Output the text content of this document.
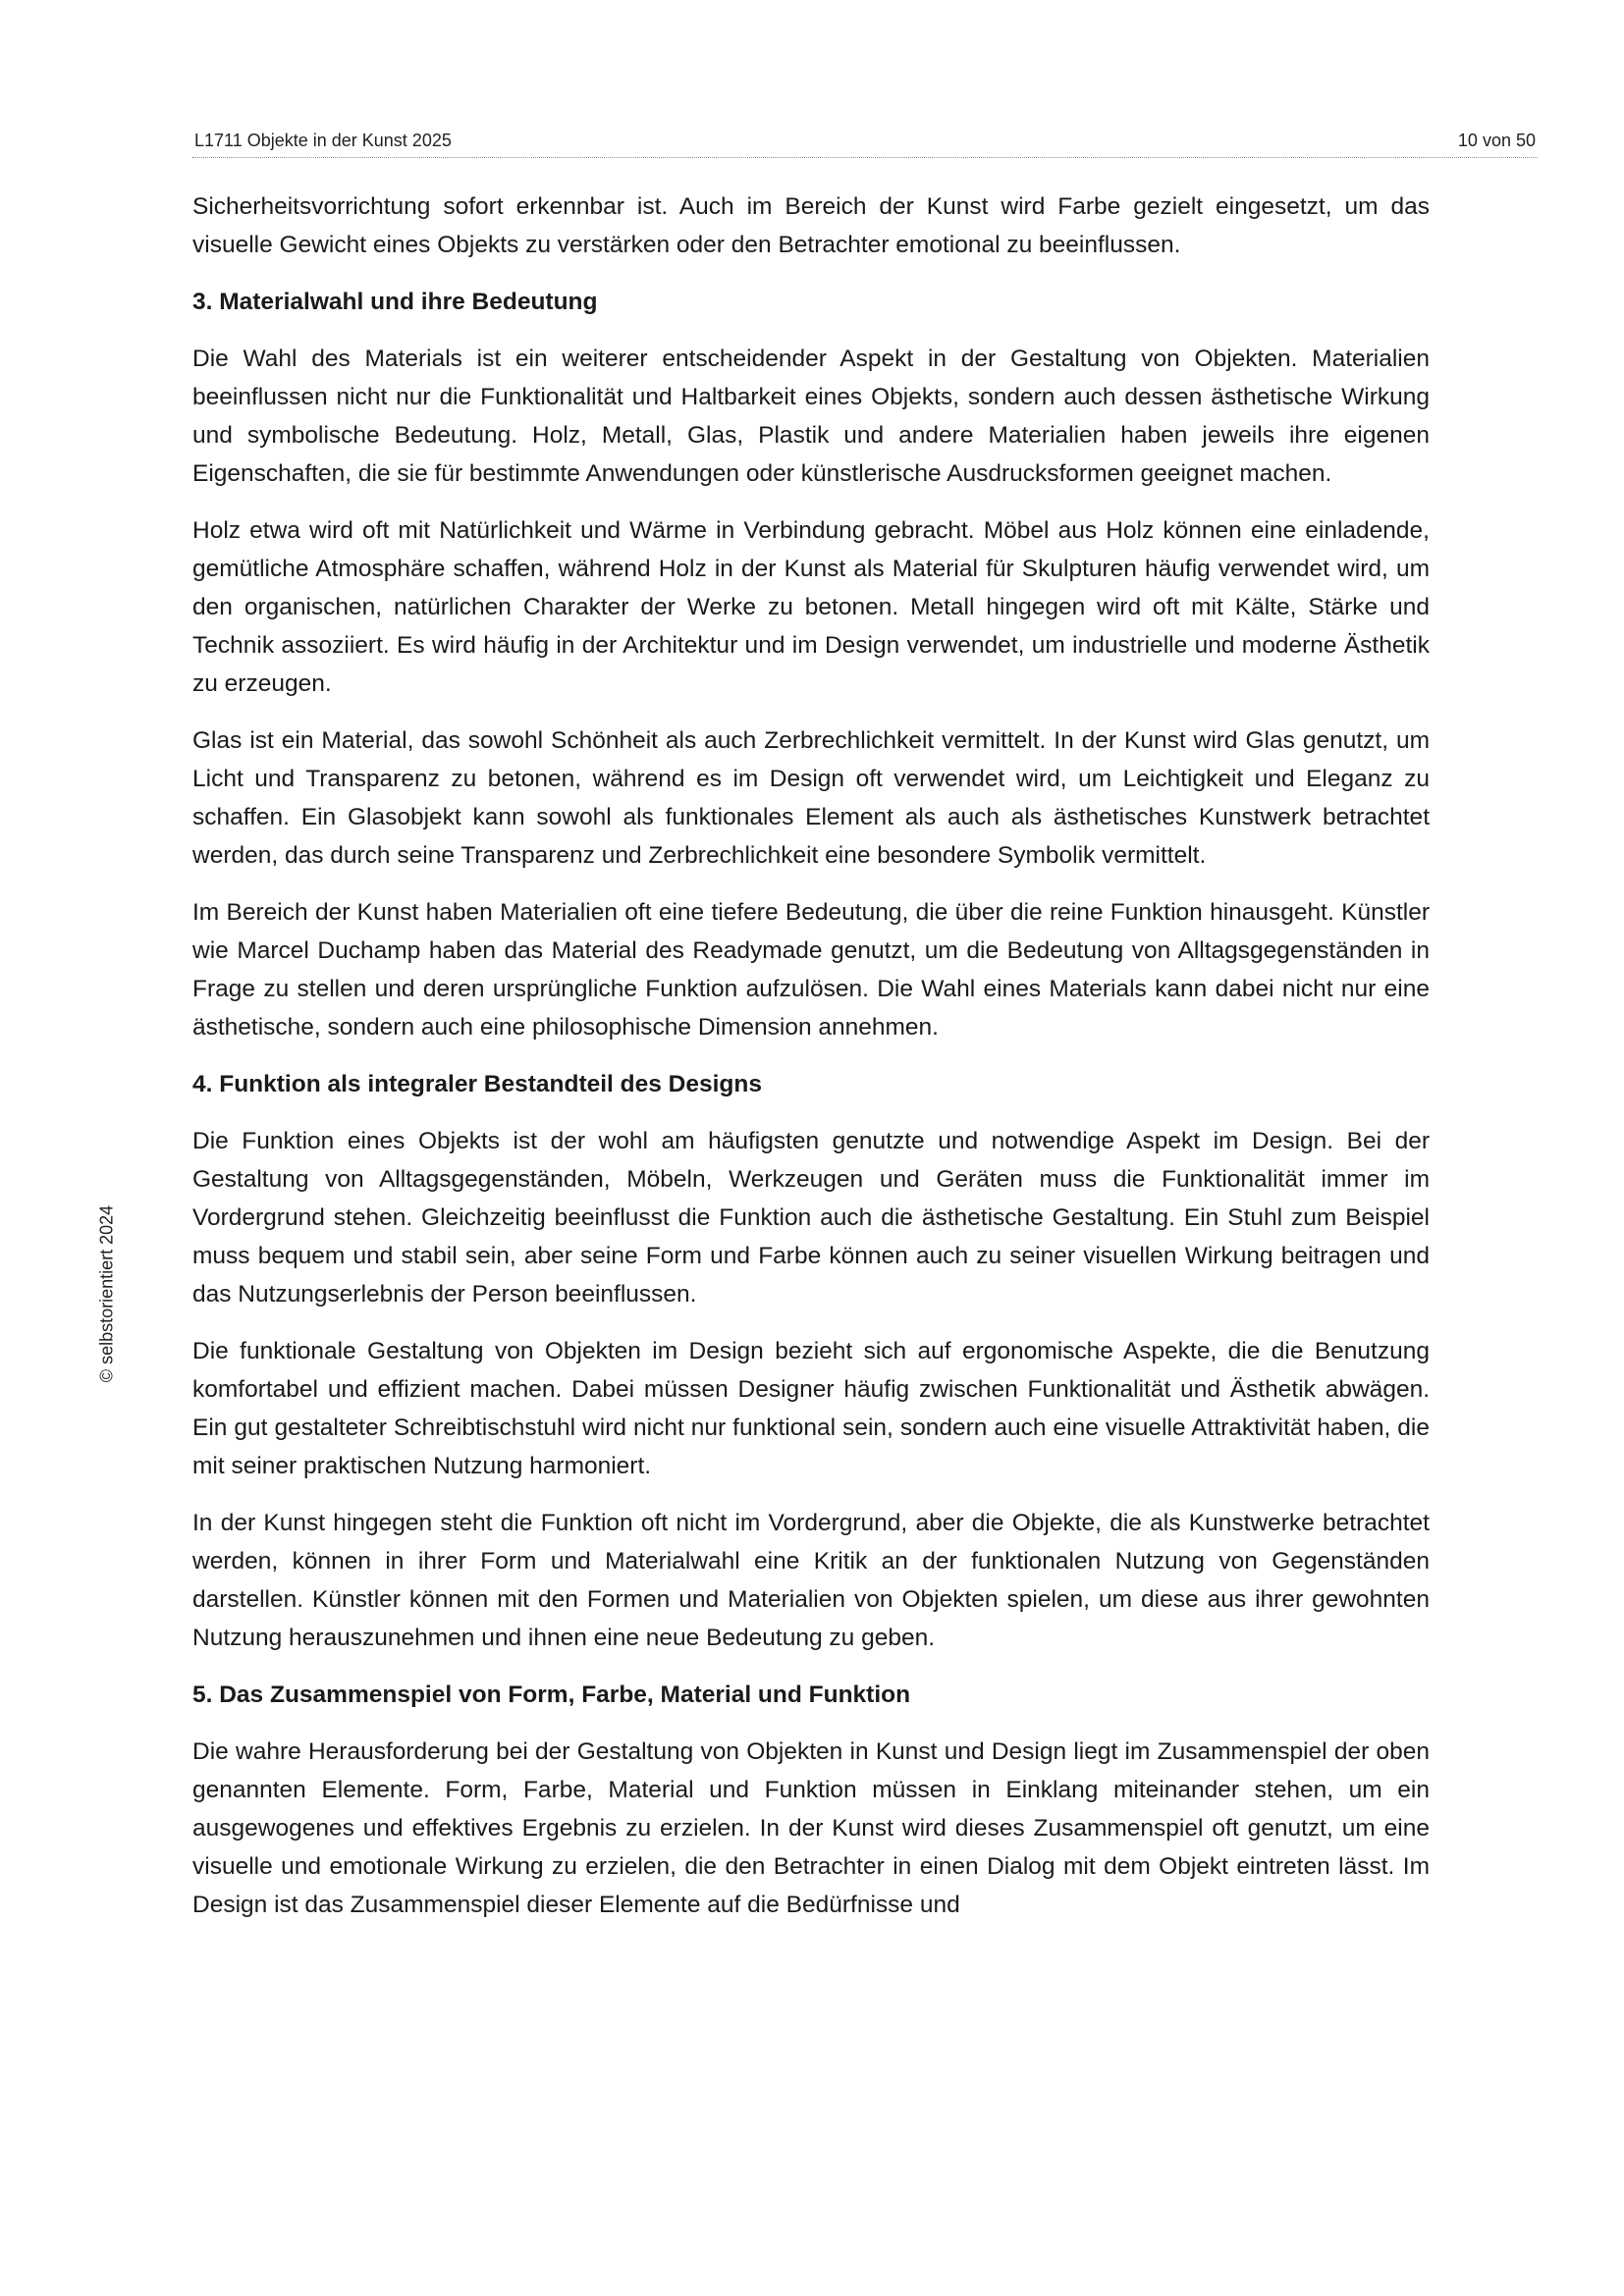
L1711 Objekte in der Kunst 2025	10 von 50
© selbstorientiert 2024

Sicherheitsvorrichtung sofort erkennbar ist. Auch im Bereich der Kunst wird Farbe gezielt eingesetzt, um das visuelle Gewicht eines Objekts zu verstärken oder den Betrachter emotional zu beeinflussen.

3. Materialwahl und ihre Bedeutung

Die Wahl des Materials ist ein weiterer entscheidender Aspekt in der Gestaltung von Objekten. Materialien beeinflussen nicht nur die Funktionalität und Haltbarkeit eines Objekts, sondern auch dessen ästhetische Wirkung und symbolische Bedeutung. Holz, Metall, Glas, Plastik und andere Materialien haben jeweils ihre eigenen Eigenschaften, die sie für bestimmte Anwendungen oder künstlerische Ausdrucksformen geeignet machen.

Holz etwa wird oft mit Natürlichkeit und Wärme in Verbindung gebracht. Möbel aus Holz können eine einladende, gemütliche Atmosphäre schaffen, während Holz in der Kunst als Material für Skulpturen häufig verwendet wird, um den organischen, natürlichen Charakter der Werke zu betonen. Metall hingegen wird oft mit Kälte, Stärke und Technik assoziiert. Es wird häufig in der Architektur und im Design verwendet, um industrielle und moderne Ästhetik zu erzeugen.

Glas ist ein Material, das sowohl Schönheit als auch Zerbrechlichkeit vermittelt. In der Kunst wird Glas genutzt, um Licht und Transparenz zu betonen, während es im Design oft verwendet wird, um Leichtigkeit und Eleganz zu schaffen. Ein Glasobjekt kann sowohl als funktionales Element als auch als ästhetisches Kunstwerk betrachtet werden, das durch seine Transparenz und Zerbrechlichkeit eine besondere Symbolik vermittelt.

Im Bereich der Kunst haben Materialien oft eine tiefere Bedeutung, die über die reine Funktion hinausgeht. Künstler wie Marcel Duchamp haben das Material des Readymade genutzt, um die Bedeutung von Alltagsgegenständen in Frage zu stellen und deren ursprüngliche Funktion aufzulösen. Die Wahl eines Materials kann dabei nicht nur eine ästhetische, sondern auch eine philosophische Dimension annehmen.

4. Funktion als integraler Bestandteil des Designs

Die Funktion eines Objekts ist der wohl am häufigsten genutzte und notwendige Aspekt im Design. Bei der Gestaltung von Alltagsgegenständen, Möbeln, Werkzeugen und Geräten muss die Funktionalität immer im Vordergrund stehen. Gleichzeitig beeinflusst die Funktion auch die ästhetische Gestaltung. Ein Stuhl zum Beispiel muss bequem und stabil sein, aber seine Form und Farbe können auch zu seiner visuellen Wirkung beitragen und das Nutzungserlebnis der Person beeinflussen.

Die funktionale Gestaltung von Objekten im Design bezieht sich auf ergonomische Aspekte, die die Benutzung komfortabel und effizient machen. Dabei müssen Designer häufig zwischen Funktionalität und Ästhetik abwägen. Ein gut gestalteter Schreibtischstuhl wird nicht nur funktional sein, sondern auch eine visuelle Attraktivität haben, die mit seiner praktischen Nutzung harmoniert.

In der Kunst hingegen steht die Funktion oft nicht im Vordergrund, aber die Objekte, die als Kunstwerke betrachtet werden, können in ihrer Form und Materialwahl eine Kritik an der funktionalen Nutzung von Gegenständen darstellen. Künstler können mit den Formen und Materialien von Objekten spielen, um diese aus ihrer gewohnten Nutzung herauszunehmen und ihnen eine neue Bedeutung zu geben.

5. Das Zusammenspiel von Form, Farbe, Material und Funktion

Die wahre Herausforderung bei der Gestaltung von Objekten in Kunst und Design liegt im Zusammenspiel der oben genannten Elemente. Form, Farbe, Material und Funktion müssen in Einklang miteinander stehen, um ein ausgewogenes und effektives Ergebnis zu erzielen. In der Kunst wird dieses Zusammenspiel oft genutzt, um eine visuelle und emotionale Wirkung zu erzielen, die den Betrachter in einen Dialog mit dem Objekt eintreten lässt. Im Design ist das Zusammenspiel dieser Elemente auf die Bedürfnisse und
